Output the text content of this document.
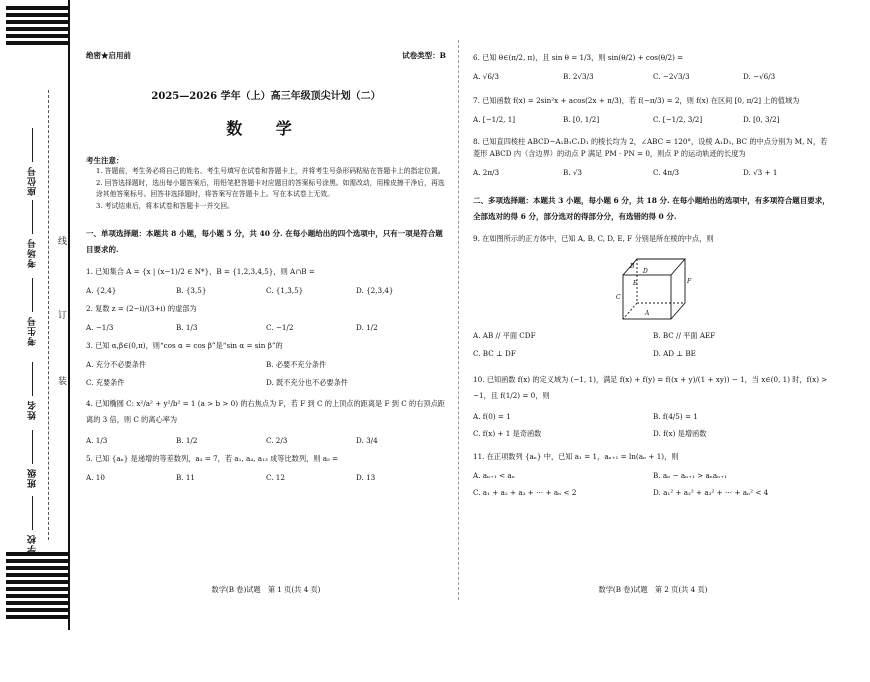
座位号
考场号
考生号
姓名
班级
学校
线
订
装
绝密★启用前	试卷类型：B
2025—2026 学年（上）高三年级顶尖计划（二）
数 学
考生注意：
1. 答题前，考生务必将自己的姓名、考生号填写在试卷和答题卡上，并将考生号条形码粘贴在答题卡上的指定位置。
2. 回答选择题时，选出每小题答案后，用铅笔把答题卡对应题目的答案标号涂黑。如需改动，用橡皮擦干净后，再选涂其他答案标号。回答非选择题时，将答案写在答题卡上。写在本试卷上无效。
3. 考试结束后，将本试卷和答题卡一并交回。
一、单项选择题：本题共 8 小题，每小题 5 分，共 40 分. 在每小题给出的四个选项中，只有一项是符合题目要求的.
1. 已知集合 A = {x | (x−1)/2 ∈ N*}，B = {1,2,3,4,5}，则 A∩B =
A. {2,4}	B. {3,5}	C. {1,3,5}	D. {2,3,4}
2. 复数 z = (2−i)/(3+i) 的虚部为
A. −1/3	B. 1/3	C. −1/2	D. 1/2
3. 已知 α,β∈(0,π)，则“cos α = cos β”是“sin α = sin β”的
A. 充分不必要条件	B. 必要不充分条件
C. 充要条件	D. 既不充分也不必要条件
4. 已知椭圆 C: x²/a² + y²/b² = 1 (a > b > 0) 的右焦点为 F，若 F 到 C 的上顶点的距离是 F 到 C 的右顶点距离的 3 倍，则 C 的离心率为
A. 1/3	B. 1/2	C. 2/3	D. 3/4
5. 已知 {aₙ} 是递增的等差数列，a₃ = 7，若 a₁, a₄, a₁₃ 成等比数列，则 a₅ =
A. 10	B. 11	C. 12	D. 13
数学(B 卷)试题　第 1 页(共 4 页)
6. 已知 θ∈(π/2, π)，且 sin θ = 1/3，则 sin(θ/2) + cos(θ/2) =
A. √6/3	B. 2√3/3	C. −2√3/3	D. −√6/3
7. 已知函数 f(x) = 2sin²x + acos(2x + π/3)，若 f(−π/3) = 2，则 f(x) 在区间 [0, π/2] 上的值域为
A. [−1/2, 1]	B. [0, 1/2]	C. [−1/2, 3/2]	D. [0, 3/2]
8. 已知直四棱柱 ABCD−A₁B₁C₁D₁ 的棱长均为 2，∠ABC = 120°，设棱 A₁D₁, BC 的中点分别为 M, N，若菱形 ABCD 内（含边界）的动点 P 满足 PM · PN = 0，则点 P 的运动轨迹的长度为
A. 2π/3	B. √3	C. 4π/3	D. √3 + 1
二、多项选择题：本题共 3 小题，每小题 6 分，共 18 分. 在每小题给出的选项中，有多项符合题目要求，全部选对的得 6 分，部分选对的得部分分，有选错的得 0 分.
9. 在如图所示的正方体中，已知 A, B, C, D, E, F 分别是所在棱的中点，则
B
D
E	F
C
A
A. AB // 平面 CDF	B. BC // 平面 AEF
C. BC ⊥ DF	D. AD ⊥ BE
10. 已知函数 f(x) 的定义域为 (−1, 1)，满足 f(x) + f(y) = f((x + y)/(1 + xy)) − 1，当 x∈(0, 1) 时，f(x) > −1，且 f(1/2) = 0，则
A. f(0) = 1	B. f(4/5) = 1
C. f(x) + 1 是奇函数	D. f(x) 是增函数
11. 在正项数列 {aₙ} 中，已知 a₁ = 1，aₙ₊₁ = ln(aₙ + 1)，则
A. aₙ₊₁ < aₙ	B. aₙ − aₙ₊₁ > aₙaₙ₊₁
C. a₁ + a₂ + a₃ + ⋯ + aₙ < 2	D. a₁² + a₂² + a₃² + ⋯ + aₙ² < 4
数学(B 卷)试题　第 2 页(共 4 页)
